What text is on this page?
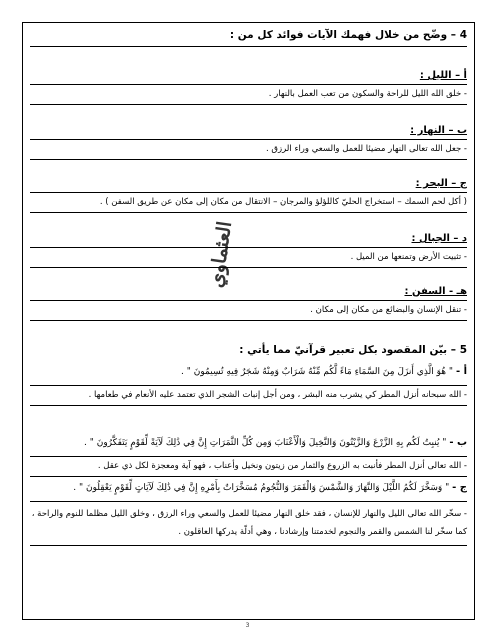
العثماوي
4 – وضّح من خلال فهمك الآيات فوائد كل من :
أ – الليل :

- خلق الله الليل للراحة والسكون من تعب العمل بالنهار .

ب – النهار :

- جعل الله تعالى النهار مضيئا للعمل والسعي وراء الرزق .

ج – البحر :

( أكل لحم السمك – استخراج الحليّ كاللؤلؤ والمرجان – الانتقال من مكان إلى مكان عن طريق السفن ) .

د – الجبال :

- تثبيت الأرض وتمنعها من الميل .

هـ - السفن :

- تنقل الإنسان والبضائع من مكان إلى مكان .

5 – بيّن المقصود بكل تعبير قرآنيّ مما يأتي :

أ - " هُوَ الَّذِي أَنزَلَ مِنَ السَّمَاءِ مَاءً لَّكُم مِّنْهُ شَرَابٌ وَمِنْهُ شَجَرٌ فِيهِ تُسِيمُونَ " .

- الله سبحانه أنزل المطر كي يشرب منه البشر ، ومن أجل إنبات الشجر الذي تعتمد عليه الأنعام في طعامها .

ب - " يُنبِتُ لَكُم بِهِ الزَّرْعَ وَالزَّيْتُونَ وَالنَّخِيلَ وَالْأَعْنَابَ وَمِن كُلِّ الثَّمَرَاتِ إِنَّ فِي ذَٰلِكَ لَآيَةً لِّقَوْمٍ يَتَفَكَّرُونَ " .

- الله تعالى أنزل المطر فأنبت به الزروع والثمار من زيتون ونخيل وأعناب ، فهو آية ومعجزة لكل ذي عقل .

ج - " وَسَخَّرَ لَكُمُ اللَّيْلَ وَالنَّهَارَ وَالشَّمْسَ وَالْقَمَرَ وَالنُّجُومُ مُسَخَّرَاتٌ بِأَمْرِهِ إِنَّ فِي ذَٰلِكَ لَآيَاتٍ لِّقَوْمٍ يَعْقِلُونَ " .

- سخّر الله تعالى الليل والنهار للإنسان ، فقد خلق النهار مضيئا للعمل والسعي وراء الرزق ، وخلق الليل مظلما للنوم والراحة ، كما سخّر لنا الشمس والقمر والنجوم لخدمتنا وإرشادنا ، وهي أدلّة يدركها العاقلون .

3
